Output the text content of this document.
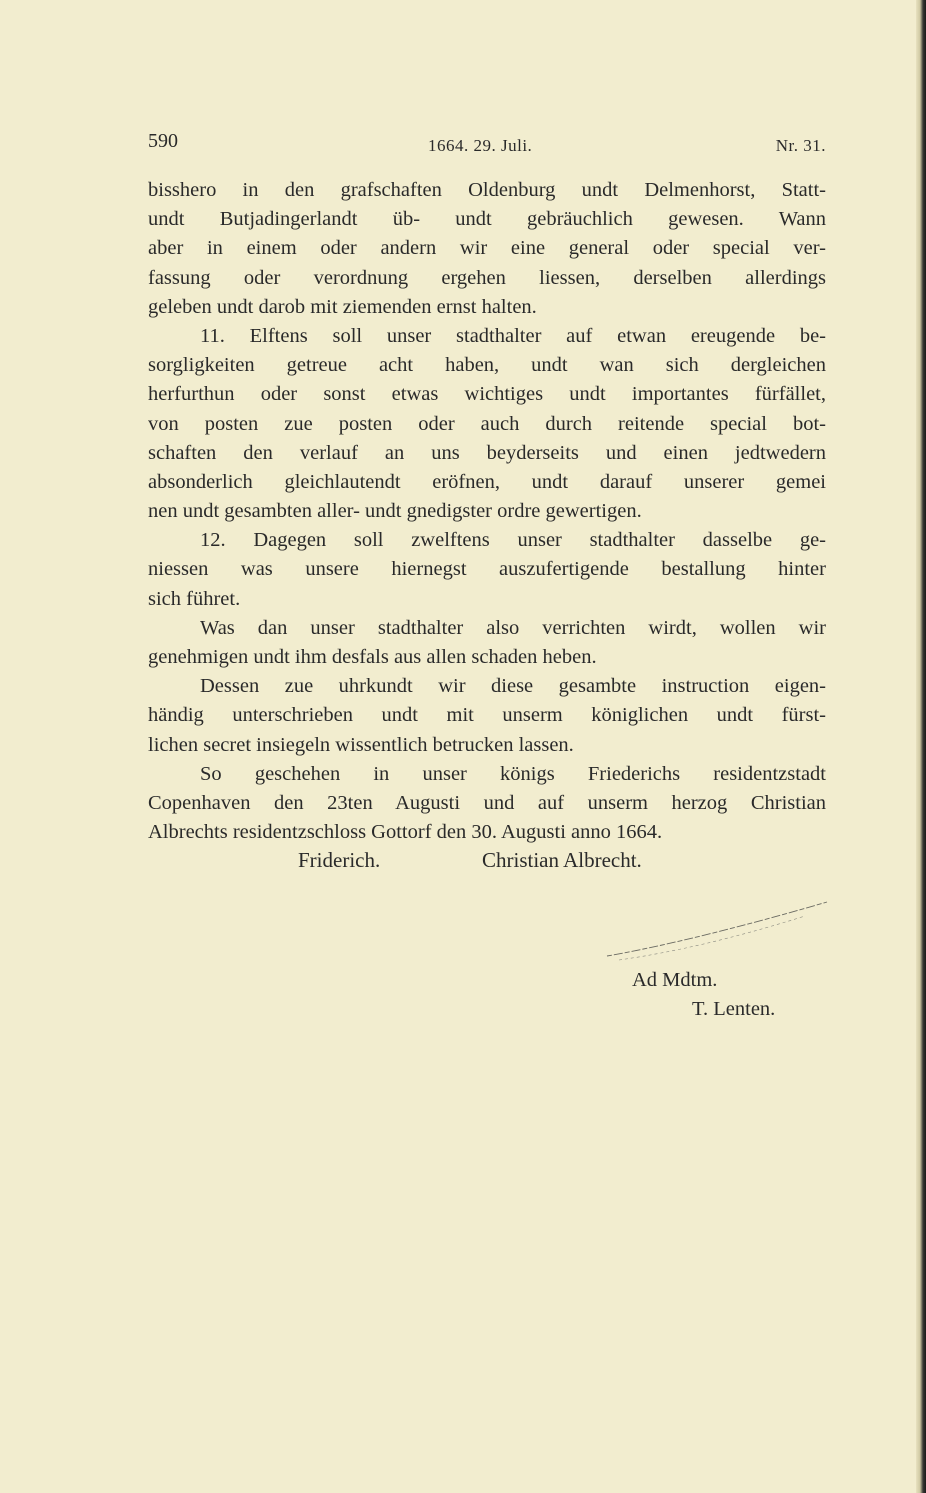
590	1664. 29. Juli.	Nr. 31.
bisshero in den grafschaften Oldenburg undt Delmenhorst, Statt-
undt Butjadingerlandt üb- undt gebräuchlich gewesen. Wann
aber in einem oder andern wir eine general oder special ver-
fassung oder verordnung ergehen liessen, derselben allerdings
geleben undt darob mit ziemenden ernst halten.
11. Elftens soll unser stadthalter auf etwan ereugende be-
sorgligkeiten getreue acht haben, undt wan sich dergleichen
herfurthun oder sonst etwas wichtiges undt importantes fürfället,
von posten zue posten oder auch durch reitende special bot-
schaften den verlauf an uns beyderseits und einen jedtwedern
absonderlich gleichlautendt eröfnen, undt darauf unserer gemei
nen undt gesambten aller- undt gnedigster ordre gewertigen.
12. Dagegen soll zwelftens unser stadthalter dasselbe ge-
niessen was unsere hiernegst auszufertigende bestallung hinter
sich führet.
Was dan unser stadthalter also verrichten wirdt, wollen wir
genehmigen undt ihm desfals aus allen schaden heben.
Dessen zue uhrkundt wir diese gesambte instruction eigen-
händig unterschrieben undt mit unserm königlichen undt fürst-
lichen secret insiegeln wissentlich betrucken lassen.
So geschehen in unser königs Friederichs residentzstadt
Copenhaven den 23ten Augusti und auf unserm herzog Christian
Albrechts residentzschloss Gottorf den 30. Augusti anno 1664.
Friderich.	Christian Albrecht.
Ad Mdtm.
T. Lenten.
